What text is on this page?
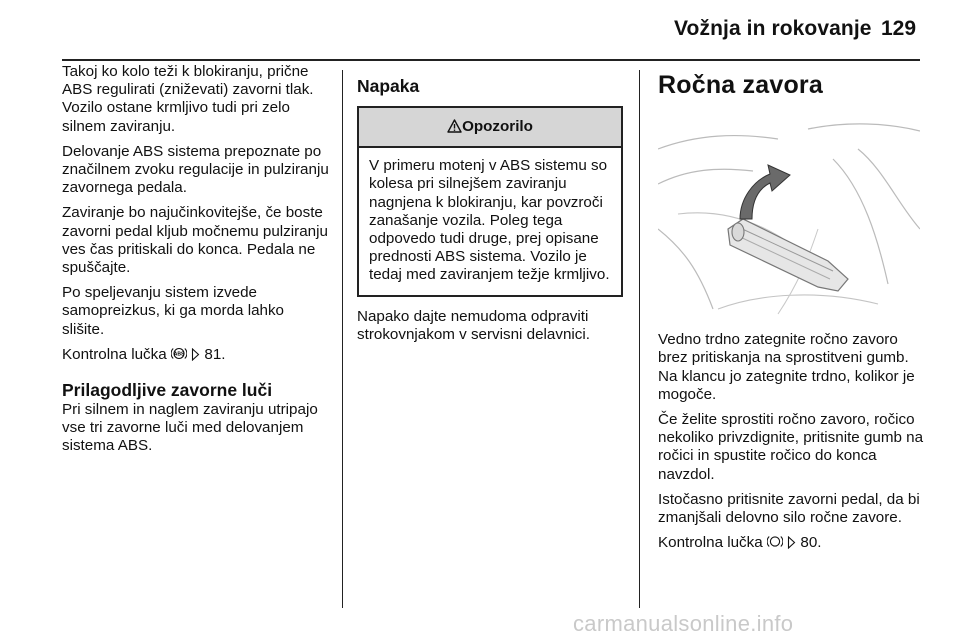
Vožnja in rokovanje 129

Takoj ko kolo teži k blokiranju, prične ABS regulirati (zniževati) zavorni tlak. Vozilo ostane krmljivo tudi pri zelo silnem zaviranju.

Delovanje ABS sistema prepoznate po značilnem zvoku regulacije in pulziranju zavornega pedala.

Zaviranje bo najučinkovitejše, če boste zavorni pedal kljub močnemu pulziranju ves čas pritiskali do konca. Pedala ne spuščajte.

Po speljevanju sistem izvede samopreizkus, ki ga morda lahko slišite.

Kontrolna lučka ABS 81.

Prilagodljive zavorne luči

Pri silnem in naglem zaviranju utripajo vse tri zavorne luči med delovanjem sistema ABS.

Napaka
Opozorilo
V primeru motenj v ABS sistemu so kolesa pri silnejšem zaviranju nagnjena k blokiranju, kar povzroči zanašanje vozila. Poleg tega odpovedo tudi druge, prej opisane prednosti ABS sistema. Vozilo je tedaj med zaviranjem težje krmljivo.

Napako dajte nemudoma odpraviti strokovnjakom v servisni delavnici.

Ročna zavora

Vedno trdno zategnite ročno zavoro brez pritiskanja na sprostitveni gumb. Na klancu jo zategnite trdno, kolikor je mogoče.

Če želite sprostiti ročno zavoro, ročico nekoliko privzdignite, pritisnite gumb na ročici in spustite ročico do konca navzdol.

Istočasno pritisnite zavorni pedal, da bi zmanjšali delovno silo ročne zavore.

Kontrolna lučka 80.

carmanualsonline.info
